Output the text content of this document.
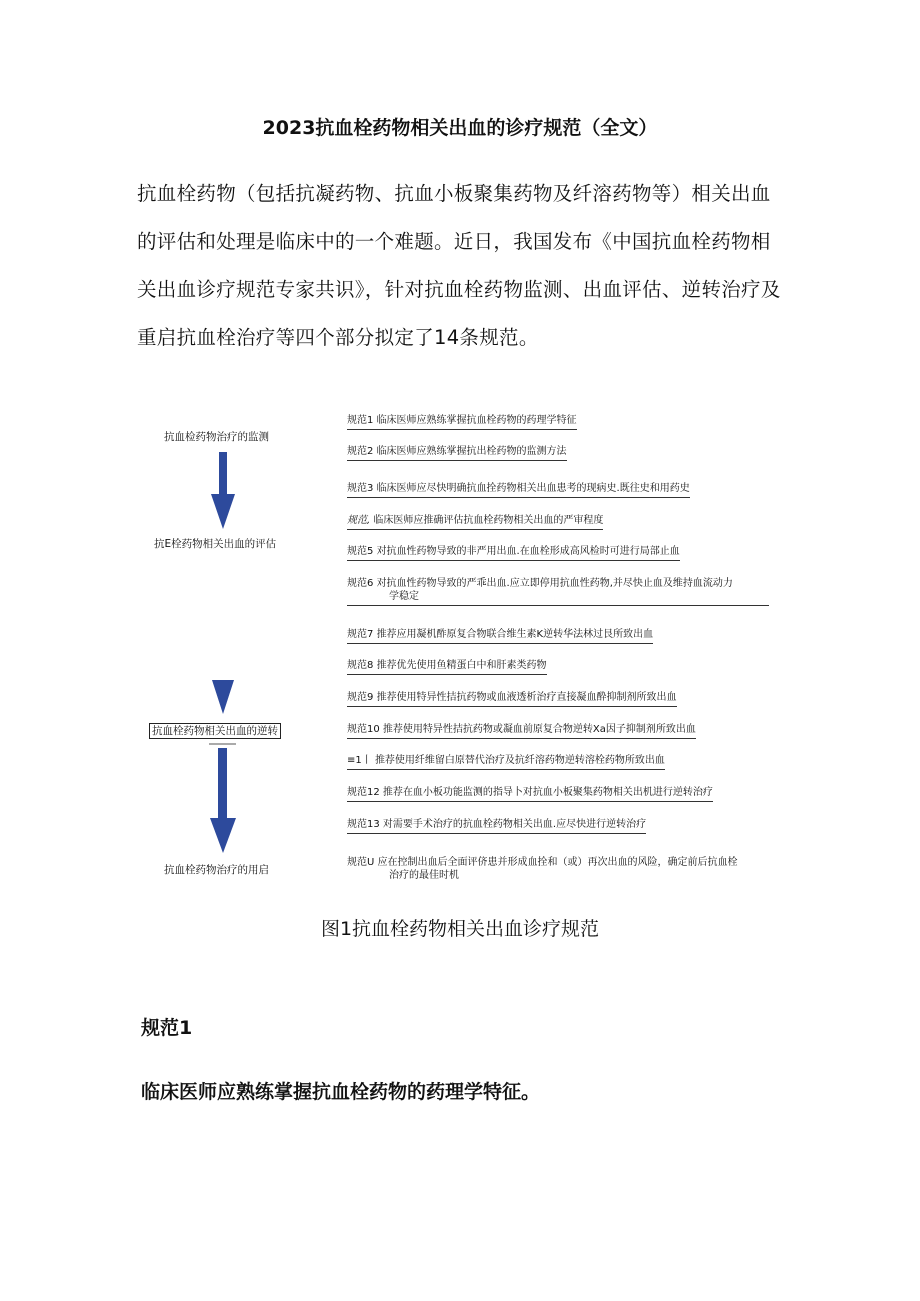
2023抗血栓药物相关出血的诊疗规范（全文）

抗血栓药物（包括抗凝药物、抗血小板聚集药物及纤溶药物等）相关出血的评估和处理是临床中的一个难题。近日，我国发布《中国抗血栓药物相关出血诊疗规范专家共识》，针对抗血栓药物监测、出血评估、逆转治疗及重启抗血栓治疗等四个部分拟定了14条规范。

抗血检药物治疗的监测
抗E栓药物相关出血的评估
抗血栓药物相关出血的逆转
抗血栓药物治疗的用启
规范1 临床医师应熟练掌握抗血栓药物的药理学特征
规范2 临床医师应熟练掌握抗出栓药物的监测方法
规范3 临床医师应尽快明确抗血拴药物相关出血患考的现病史.既往史和用药史
规范, 临床医师应推确评估抗血栓药物相关出血的严审程度
规范5 对抗血性药物导致的非严用出血.在血栓形成高风检时可进行局部止血
规范6 对抗血性药物导致的严乖出血.应立即停用抗血性药物,并尽快止血及维持血流动力
学稳定
规范7 推荐应用凝机酢原复合物联合维生素K逆转华法林过艮所致出血
规范8 推荐优先使用鱼精蛋白中和肝素类药物
规范9 推荐使用特异性拮抗药物或血液透析治疗直接凝血酔抑制剂所致出血
规范10 推荐使用特异性拮抗药物或凝血前原复合物逆转Xa因子抑制剂所致出血
≡1丨 推荐使用纤维留白原替代治疗及抗纤溶药物逆转溶栓药物所致出血
规范12 推荐在血小板功能监测的指导卜对抗血小板聚集药物相关出机进行逆转治疗
规范13 对需要手术治疗的抗血栓药物相关出血.应尽快进行逆转治疗
规范U 应在控制出血后全面评侪患并形成血拴和（或）再次出血的风险，确定前后抗血栓
治疗的最佳时机
图1抗血栓药物相关出血诊疗规范
规范1
临床医师应熟练掌握抗血栓药物的药理学特征。
